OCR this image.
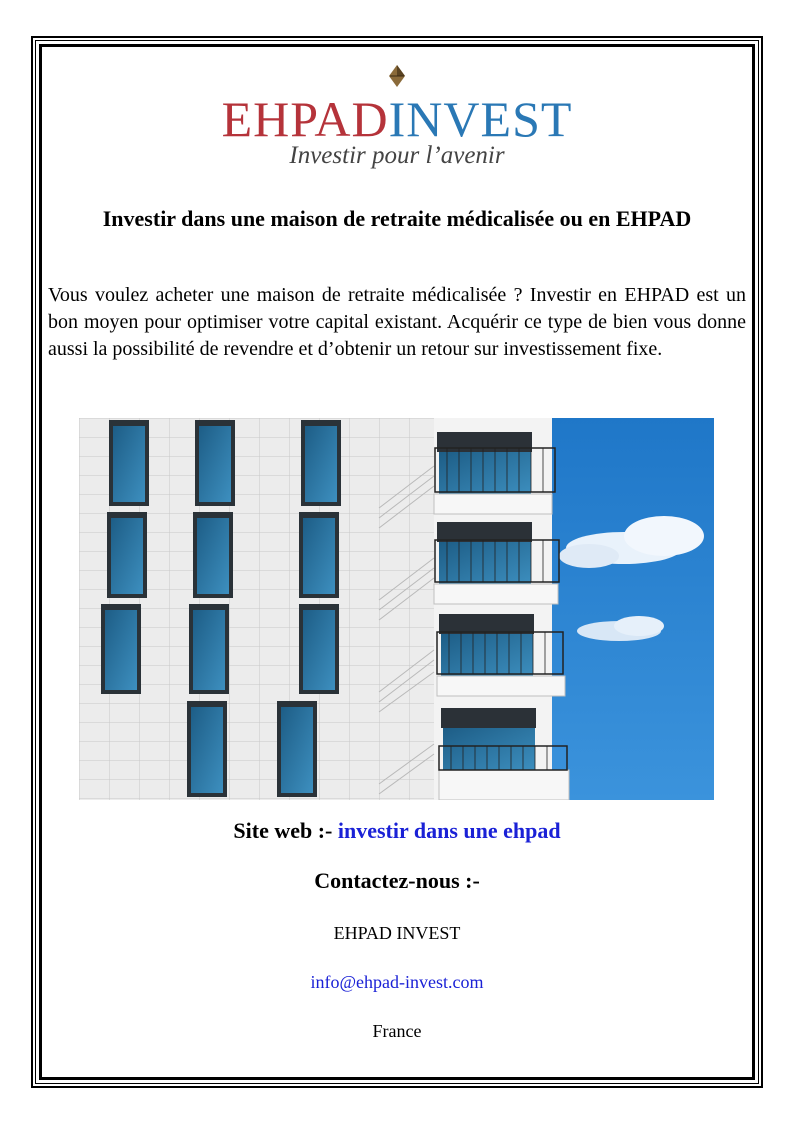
EHPADINVEST
Investir pour l’avenir
Investir dans une maison de retraite médicalisée ou en EHPAD

Vous voulez acheter une maison de retraite médicalisée ? Investir en EHPAD est un bon moyen pour optimiser votre capital existant. Acquérir ce type de bien vous donne aussi la possibilité de revendre et d’obtenir un retour sur investissement fixe.

Site web :- investir dans une ehpad
Contactez-nous :-
EHPAD INVEST
info@ehpad-invest.com
France
